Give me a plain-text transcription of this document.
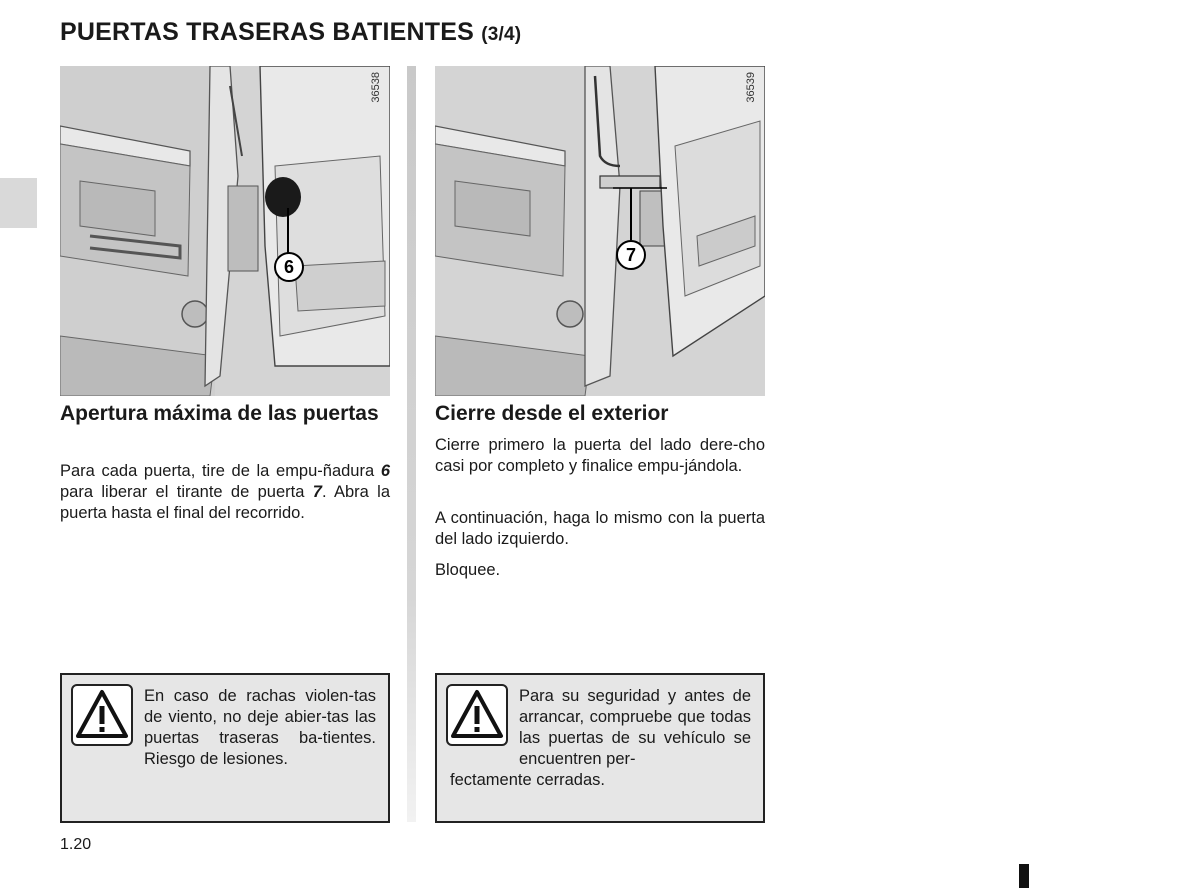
PUERTAS TRASERAS BATIENTES (3/4)
36538
6
Apertura máxima de las puertas
Para cada puerta, tire de la empu-ñadura 6 para liberar el tirante de puerta 7. Abra la puerta hasta el final del recorrido.
En caso de rachas violen-tas de viento, no deje abier-tas las puertas traseras ba-tientes. Riesgo de lesiones.
36539
7
Cierre desde el exterior
Cierre primero la puerta del lado dere-cho casi por completo y finalice empu-jándola.
A continuación, haga lo mismo con la puerta del lado izquierdo.
Bloquee.
Para su seguridad y antes de arrancar, compruebe que todas las puertas de su vehículo se encuentren per-
fectamente cerradas.
1.20
